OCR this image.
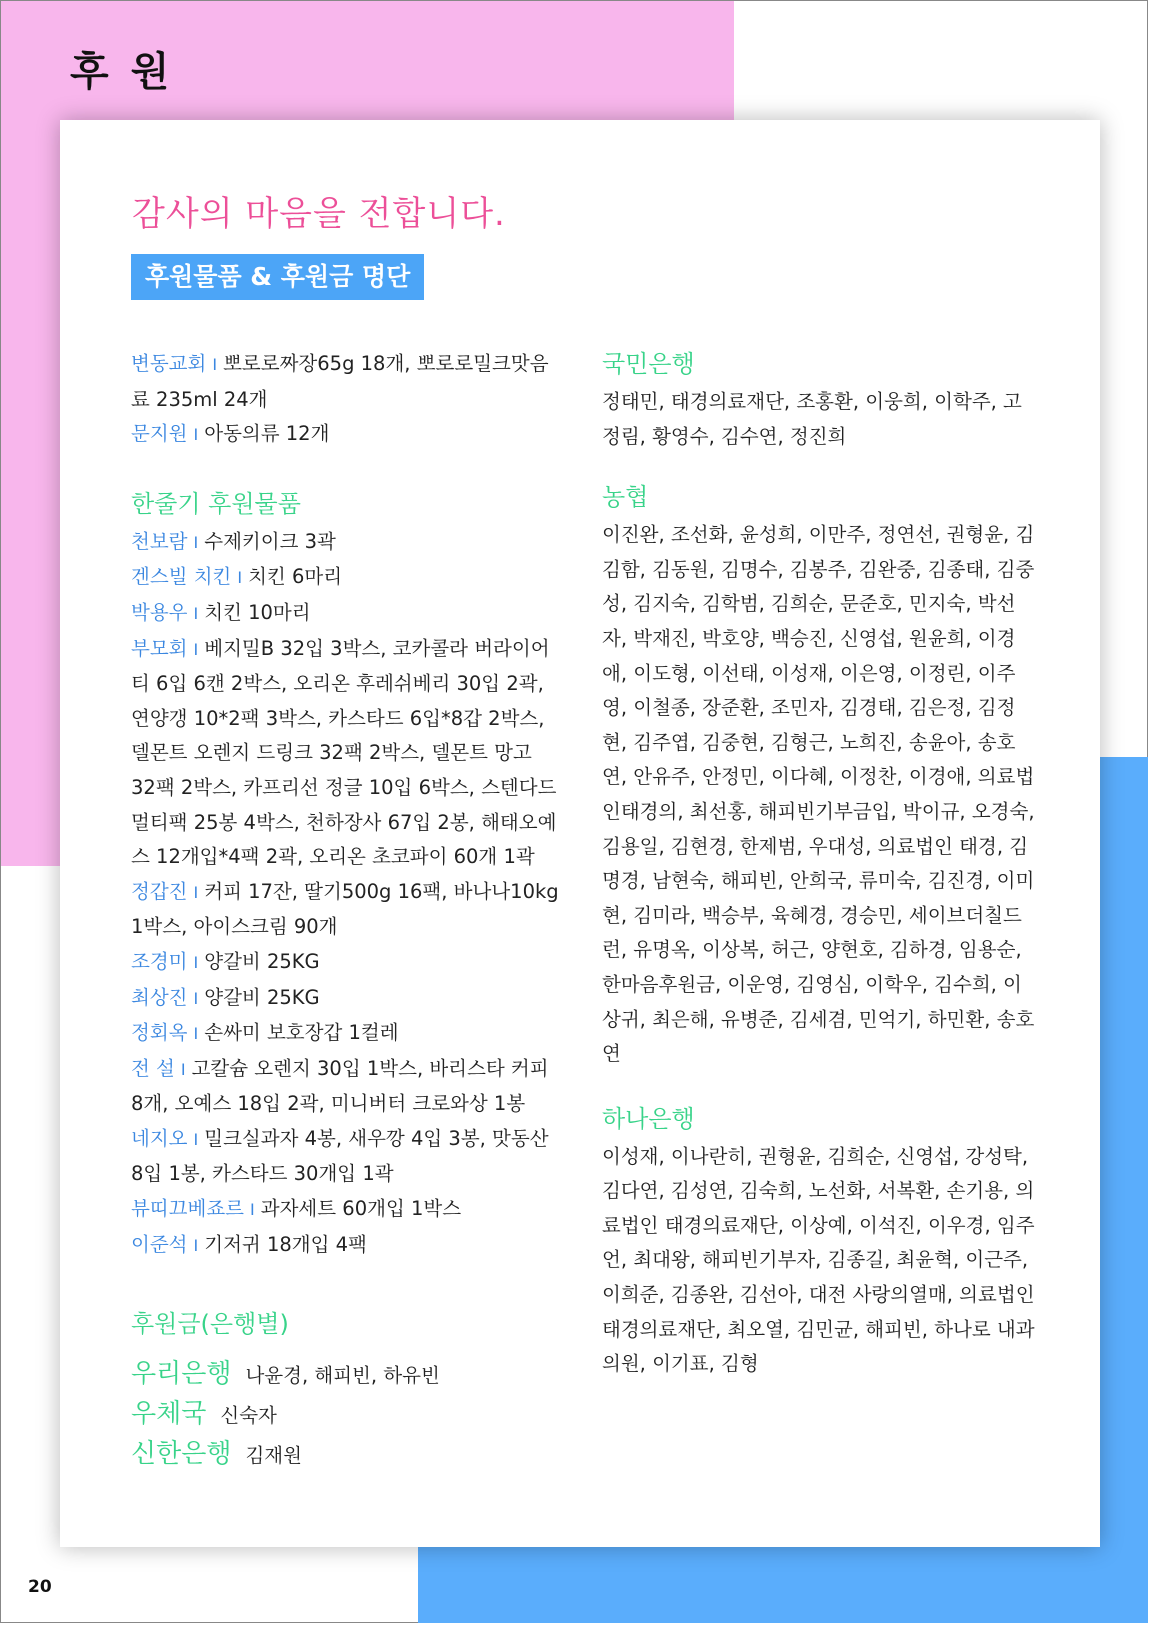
후 원
감사의 마음을 전합니다.
후원물품 & 후원금 명단

변동교회 I 뽀로로짜장65g 18개, 뽀로로밀크맛음료 235ml 24개

문지원 I 아동의류 12개

한줄기 후원물품

천보람 I 수제키이크 3곽

겐스빌 치킨 I 치킨 6마리

박용우 I 치킨 10마리

부모회 I 베지밀B 32입 3박스, 코카콜라 버라이어티 6입 6캔 2박스, 오리온 후레쉬베리 30입 2곽, 연양갱 10*2팩 3박스, 카스타드 6입*8갑 2박스, 델몬트 오렌지 드링크 32팩 2박스, 델몬트 망고 32팩 2박스, 카프리선 정글 10입 6박스, 스텐다드 멀티팩 25봉 4박스, 천하장사 67입 2봉, 해태오예스 12개입*4팩 2곽, 오리온 초코파이 60개 1곽

정갑진 I 커피 17잔, 딸기500g 16팩, 바나나10kg 1박스, 아이스크림 90개

조경미 I 양갈비 25KG

최상진 I 양갈비 25KG

정회옥 I 손싸미 보호장갑 1컬레

전 설 I 고칼슘 오렌지 30입 1박스, 바리스타 커피 8개, 오예스 18입 2곽, 미니버터 크로와상 1봉

네지오 I 밀크실과자 4봉, 새우깡 4입 3봉, 맛동산 8입 1봉, 카스타드 30개입 1곽

뷰띠끄베죠르 I 과자세트 60개입 1박스

이준석 I 기저귀 18개입 4팩

후원금(은행별)

우리은행 나윤경, 해피빈, 하유빈

우체국 신숙자

신한은행 김재원

국민은행

정태민, 태경의료재단, 조홍환, 이웅희, 이학주, 고정림, 황영수, 김수연, 정진희

농협

이진완, 조선화, 윤성희, 이만주, 정연선, 권형윤, 김김함, 김동원, 김명수, 김봉주, 김완중, 김종태, 김중성, 김지숙, 김학범, 김희순, 문준호, 민지숙, 박선자, 박재진, 박호양, 백승진, 신영섭, 원윤희, 이경애, 이도형, 이선태, 이성재, 이은영, 이정린, 이주영, 이철종, 장준환, 조민자, 김경태, 김은정, 김정현, 김주엽, 김중현, 김형근, 노희진, 송윤아, 송호연, 안유주, 안정민, 이다혜, 이정찬, 이경애, 의료법인태경의, 최선홍, 해피빈기부금입, 박이규, 오경숙, 김용일, 김현경, 한제범, 우대성, 의료법인 태경, 김명경, 남현숙, 해피빈, 안희국, 류미숙, 김진경, 이미현, 김미라, 백승부, 육혜경, 경승민, 세이브더칠드런, 유명옥, 이상복, 허근, 양현호, 김하경, 임용순, 한마음후원금, 이운영, 김영심, 이학우, 김수희, 이상귀, 최은해, 유병준, 김세겸, 민억기, 하민환, 송호연

하나은행

이성재, 이나란히, 권형윤, 김희순, 신영섭, 강성탁, 김다연, 김성연, 김숙희, 노선화, 서복환, 손기용, 의료법인 태경의료재단, 이상예, 이석진, 이우경, 임주언, 최대왕, 해피빈기부자, 김종길, 최윤혁, 이근주, 이희준, 김종완, 김선아, 대전 사랑의열매, 의료법인 태경의료재단, 최오열, 김민균, 해피빈, 하나로 내과의원, 이기표, 김형

20
